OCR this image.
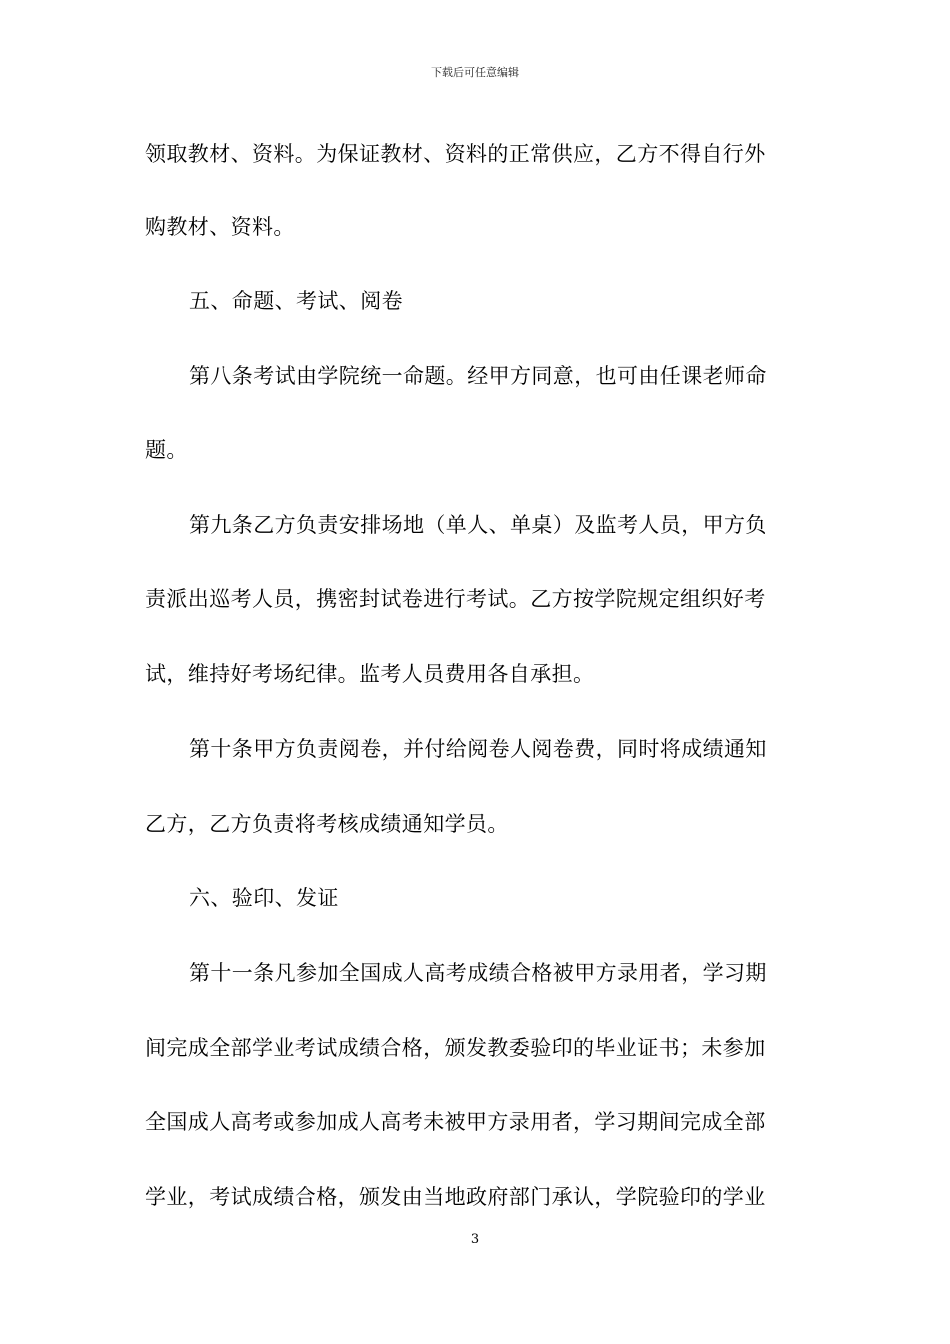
下载后可任意编辑
领取教材、资料。为保证教材、资料的正常供应，乙方不得自行外
购教材、资料。
五、命题、考试、阅卷
第八条考试由学院统一命题。经甲方同意，也可由任课老师命
题。
第九条乙方负责安排场地（单人、单桌）及监考人员，甲方负
责派出巡考人员，携密封试卷进行考试。乙方按学院规定组织好考
试，维持好考场纪律。监考人员费用各自承担。
第十条甲方负责阅卷，并付给阅卷人阅卷费，同时将成绩通知
乙方，乙方负责将考核成绩通知学员。
六、验印、发证
第十一条凡参加全国成人高考成绩合格被甲方录用者，学习期
间完成全部学业考试成绩合格，颁发教委验印的毕业证书；未参加
全国成人高考或参加成人高考未被甲方录用者，学习期间完成全部
学业，考试成绩合格，颁发由当地政府部门承认，学院验印的学业
3
